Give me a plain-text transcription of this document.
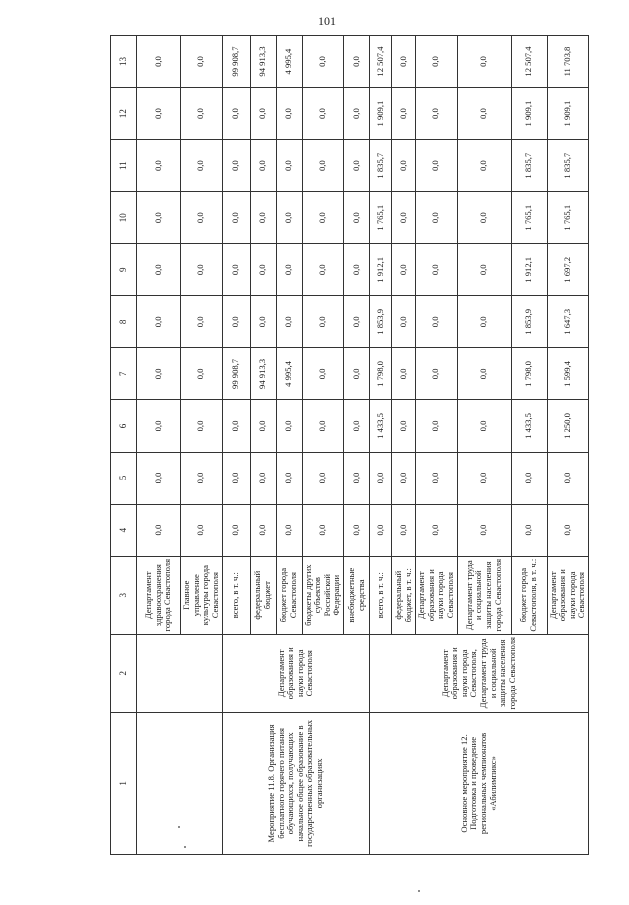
101
1	2	3	4	5	6	7	8	9	10	11	12	13
		Департамент здравоохранения города Севастополя	0,0	0,0	0,0	0,0	0,0	0,0	0,0	0,0	0,0	0,0
		Главное управление культуры города Севастополя	0,0	0,0	0,0	0,0	0,0	0,0	0,0	0,0	0,0	0,0
Мероприятие 11.8. Организация бесплатного горячего питания обучающихся, получающих начальное общее образование в государственных образовательных организациях	Департамент образования и науки города Севастополя	всего, в т. ч.:	0,0	0,0	0,0	99 908,7	0,0	0,0	0,0	0,0	0,0	99 908,7
		федеральный бюджет	0,0	0,0	0,0	94 913,3	0,0	0,0	0,0	0,0	0,0	94 913,3
		бюджет города Севастополя	0,0	0,0	0,0	4 995,4	0,0	0,0	0,0	0,0	0,0	4 995,4
		бюджеты других субъектов Российской Федерации	0,0	0,0	0,0	0,0	0,0	0,0	0,0	0,0	0,0	0,0
		внебюджетные средства	0,0	0,0	0,0	0,0	0,0	0,0	0,0	0,0	0,0	0,0
Основное мероприятие 12. Подготовка и проведение региональных чемпионатов «Абилимпикс»	Департамент образования и науки города Севастополя, Департамент труда и социальной защиты населения города Севастополя	всего, в т. ч.:	0,0	0,0	1 433,5	1 798,0	1 853,9	1 912,1	1 765,1	1 835,7	1 909,1	12 507,4
		федеральный бюджет, в т. ч.:	0,0	0,0	0,0	0,0	0,0	0,0	0,0	0,0	0,0	0,0
		Департамент образования и науки города Севастополя	0,0	0,0	0,0	0,0	0,0	0,0	0,0	0,0	0,0	0,0
		Департамент труда и социальной защиты населения города Севастополя	0,0	0,0	0,0	0,0	0,0	0,0	0,0	0,0	0,0	0,0
		бюджет города Севастополя, в т. ч.:	0,0	0,0	1 433,5	1 798,0	1 853,9	1 912,1	1 765,1	1 835,7	1 909,1	12 507,4
		Департамент образования и науки города Севастополя	0,0	0,0	1 250,0	1 599,4	1 647,3	1 697,2	1 765,1	1 835,7	1 909,1	11 703,8
